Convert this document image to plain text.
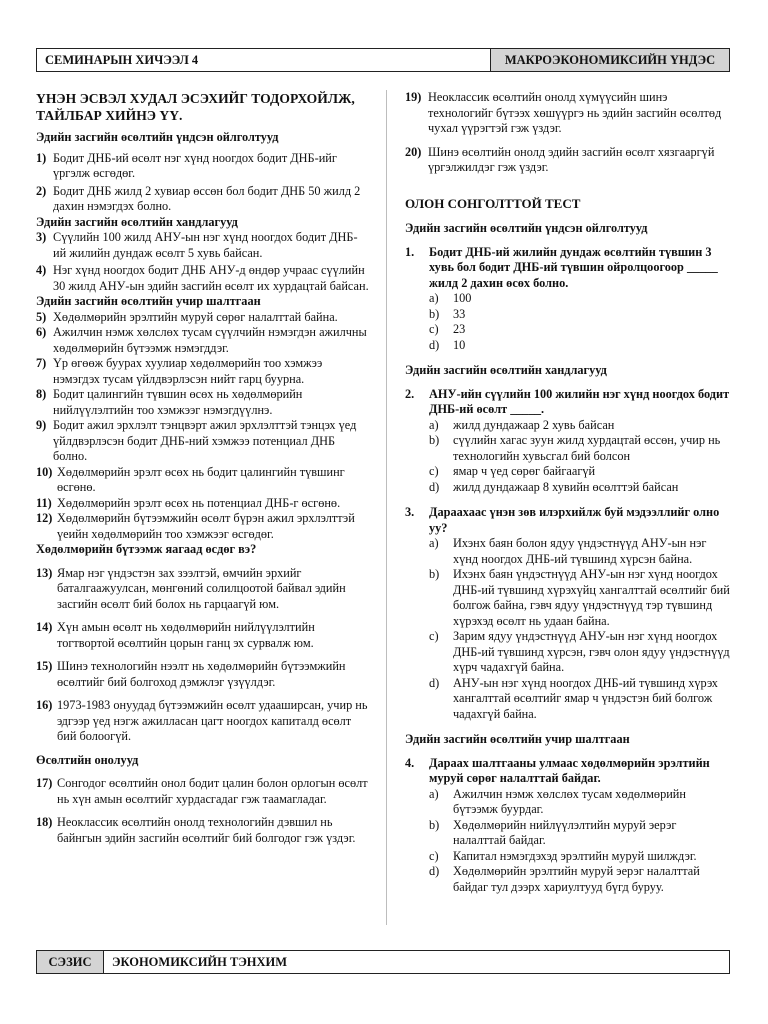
СЕМИНАРЫН ХИЧЭЭЛ 4	МАКРОЭКОНОМИКСИЙН ҮНДЭС
ҮНЭН ЭСВЭЛ ХУДАЛ ЭСЭХИЙГ ТОДОРХОЙЛЖ, ТАЙЛБАР ХИЙНЭ ҮҮ.
Эдийн засгийн өсөлтийн үндсэн ойлголтууд
1) Бодит ДНБ-ий өсөлт нэг хүнд ноогдох бодит ДНБ-ийг үргэлж өсгөдөг.
2) Бодит ДНБ жилд 2 хувиар өссөн бол бодит ДНБ 50 жилд 2 дахин нэмэгдэх болно.
Эдийн засгийн өсөлтийн хандлагууд
3) Сүүлийн 100 жилд АНУ-ын нэг хүнд ноогдох бодит ДНБ-ий жилийн дундаж өсөлт 5 хувь байсан.
4) Нэг хүнд ноогдох бодит ДНБ АНУ-д өндөр учраас сүүлийн 30 жилд АНУ-ын эдийн засгийн өсөлт их хурдацтай байсан.
Эдийн засгийн өсөлтийн учир шалтгаан
5) Хөдөлмөрийн эрэлтийн муруй сөрөг налалттай байна.
6) Ажилчин нэмж хөлслөх тусам сүүлчийн нэмэгдэн ажилчны хөдөлмөрийн бүтээмж нэмэгддэг.
7) Үр өгөөж буурах хуулиар хөдөлмөрийн тоо хэмжээ нэмэгдэх тусам үйлдвэрлэсэн нийт гарц буурна.
8) Бодит цалингийн түвшин өсөх нь хөдөлмөрийн нийлүүлэлтийн тоо хэмжээг нэмэгдүүлнэ.
9) Бодит ажил эрхлэлт тэнцвэрт ажил эрхлэлттэй тэнцэх үед үйлдвэрлэсэн бодит ДНБ-ний хэмжээ потенциал ДНБ болно.
10) Хөдөлмөрийн эрэлт өсөх нь бодит цалингийн түвшинг өсгөнө.
11) Хөдөлмөрийн эрэлт өсөх нь потенциал ДНБ-г өсгөнө.
12) Хөдөлмөрийн бүтээмжийн өсөлт бүрэн ажил эрхлэлттэй үеийн хөдөлмөрийн тоо хэмжээг өсгөдөг.
Хөдөлмөрийн бүтээмж яагаад өсдөг вэ?
13) Ямар нэг үндэстэн зах зээлтэй, өмчийн эрхийг баталгаажуулсан, мөнгөний солилцоотой байвал эдийн засгийн өсөлт бий болох нь гарцаагүй юм.
14) Хүн амын өсөлт нь хөдөлмөрийн нийлүүлэлтийн тогтвортой өсөлтийн цорын ганц эх сурвалж юм.
15) Шинэ технологийн нээлт нь хөдөлмөрийн бүтээмжийн өсөлтийг бий болгоход дэмжлэг үзүүлдэг.
16) 1973-1983 онуудад бүтээмжийн өсөлт удааширсан, учир нь эдгээр үед нэгж ажилласан цагт ноогдох капиталд өсөлт бий болоогүй.
Өсөлтийн онолууд
17) Сонгодог өсөлтийн онол бодит цалин болон орлогын өсөлт нь хүн амын өсөлтийг хурдасгадаг гэж таамагладаг.
18) Неоклассик өсөлтийн онолд технологийн дэвшил нь байнгын эдийн засгийн өсөлтийг бий болгодог гэж үздэг.
19) Неоклассик өсөлтийн онолд хүмүүсийн шинэ технологийг бүтээх хөшүүргэ нь эдийн засгийн өсөлтөд чухал үүрэгтэй гэж үздэг.
20) Шинэ өсөлтийн онолд эдийн засгийн өсөлт хязгааргүй үргэлжилдэг гэж үздэг.
ОЛОН СОНГОЛТТОЙ ТЕСТ
Эдийн засгийн өсөлтийн үндсэн ойлголтууд
1.	Бодит ДНБ-ий жилийн дундаж өсөлтийн түвшин 3 хувь бол бодит ДНБ-ий түвшин ойролцоогоор _____ жилд 2 дахин өсөх болно.
a)	100
b)	33
c)	23
d)	10
Эдийн засгийн өсөлтийн хандлагууд
2.	АНУ-ийн сүүлийн 100 жилийн нэг хүнд ноогдох бодит ДНБ-ий өсөлт _____.
a)	жилд дундажаар 2 хувь байсан
b)	сүүлийн хагас зуун жилд хурдацтай өссөн, учир нь технологийн хувьсгал бий болсон
c)	ямар ч үед сөрөг байгаагүй
d)	жилд дундажаар 8 хувийн өсөлттэй байсан
3.	Дараахаас үнэн зөв илэрхийлж буй мэдээллийг олно уу?
a)	Ихэнх баян болон ядуу үндэстнүүд АНУ-ын нэг хүнд ноогдох ДНБ-ий түвшинд хүрсэн байна.
b)	Ихэнх баян үндэстнүүд АНУ-ын нэг хүнд ноогдох ДНБ-ий түвшинд хүрэхүйц хангалттай өсөлтийг бий болгож байна, гэвч ядуу үндэстнүүд тэр түвшинд хүрэхэд өсөлт нь удаан байна.
c)	Зарим ядуу үндэстнүүд АНУ-ын нэг хүнд ноогдох ДНБ-ий түвшинд хүрсэн, гэвч олон ядуу үндэстнүүд хүрч чадахгүй байна.
d)	АНУ-ын нэг хүнд ноогдох ДНБ-ий түвшинд хүрэх хангалттай өсөлтийг ямар ч үндэстэн бий болгож чадахгүй байна.
Эдийн засгийн өсөлтийн учир шалтгаан
4.	Дараах шалтгааны улмаас хөдөлмөрийн эрэлтийн муруй сөрөг налалттай байдаг.
a)	Ажилчин нэмж хөлслөх тусам хөдөлмөрийн бүтээмж буурдаг.
b)	Хөдөлмөрийн нийлүүлэлтийн муруй эерэг налалттай байдаг.
c)	Капитал нэмэгдэхэд эрэлтийн муруй шилждэг.
d)	Хөдөлмөрийн эрэлтийн муруй эерэг налалттай байдаг тул дээрх хариултууд бүгд буруу.
СЭЗИС	ЭКОНОМИКСИЙН ТЭНХИМ
